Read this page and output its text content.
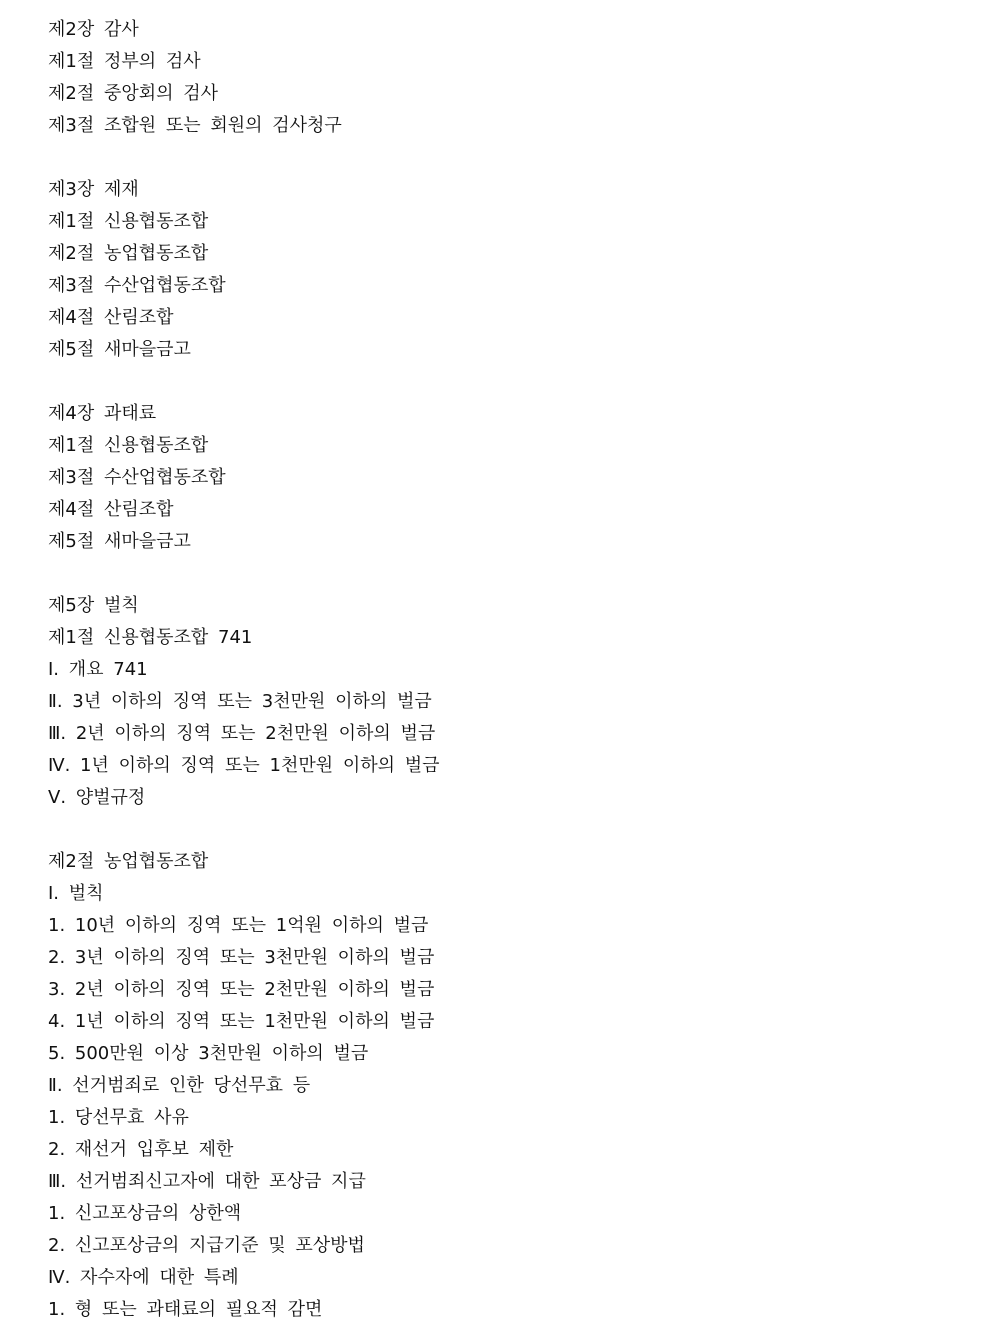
제2장 감사
제1절 정부의 검사
제2절 중앙회의 검사
제3절 조합원 또는 회원의 검사청구
제3장 제재
제1절 신용협동조합
제2절 농업협동조합
제3절 수산업협동조합
제4절 산림조합
제5절 새마을금고
제4장 과태료
제1절 신용협동조합
제3절 수산업협동조합
제4절 산림조합
제5절 새마을금고
제5장 벌칙
제1절 신용협동조합 741
Ⅰ. 개요 741
Ⅱ. 3년 이하의 징역 또는 3천만원 이하의 벌금
Ⅲ. 2년 이하의 징역 또는 2천만원 이하의 벌금
Ⅳ. 1년 이하의 징역 또는 1천만원 이하의 벌금
Ⅴ. 양벌규정
제2절 농업협동조합
Ⅰ. 벌칙
1. 10년 이하의 징역 또는 1억원 이하의 벌금
2. 3년 이하의 징역 또는 3천만원 이하의 벌금
3. 2년 이하의 징역 또는 2천만원 이하의 벌금
4. 1년 이하의 징역 또는 1천만원 이하의 벌금
5. 500만원 이상 3천만원 이하의 벌금
Ⅱ. 선거범죄로 인한 당선무효 등
1. 당선무효 사유
2. 재선거 입후보 제한
Ⅲ. 선거범죄신고자에 대한 포상금 지급
1. 신고포상금의 상한액
2. 신고포상금의 지급기준 및 포상방법
Ⅳ. 자수자에 대한 특례
1. 형 또는 과태료의 필요적 감면
